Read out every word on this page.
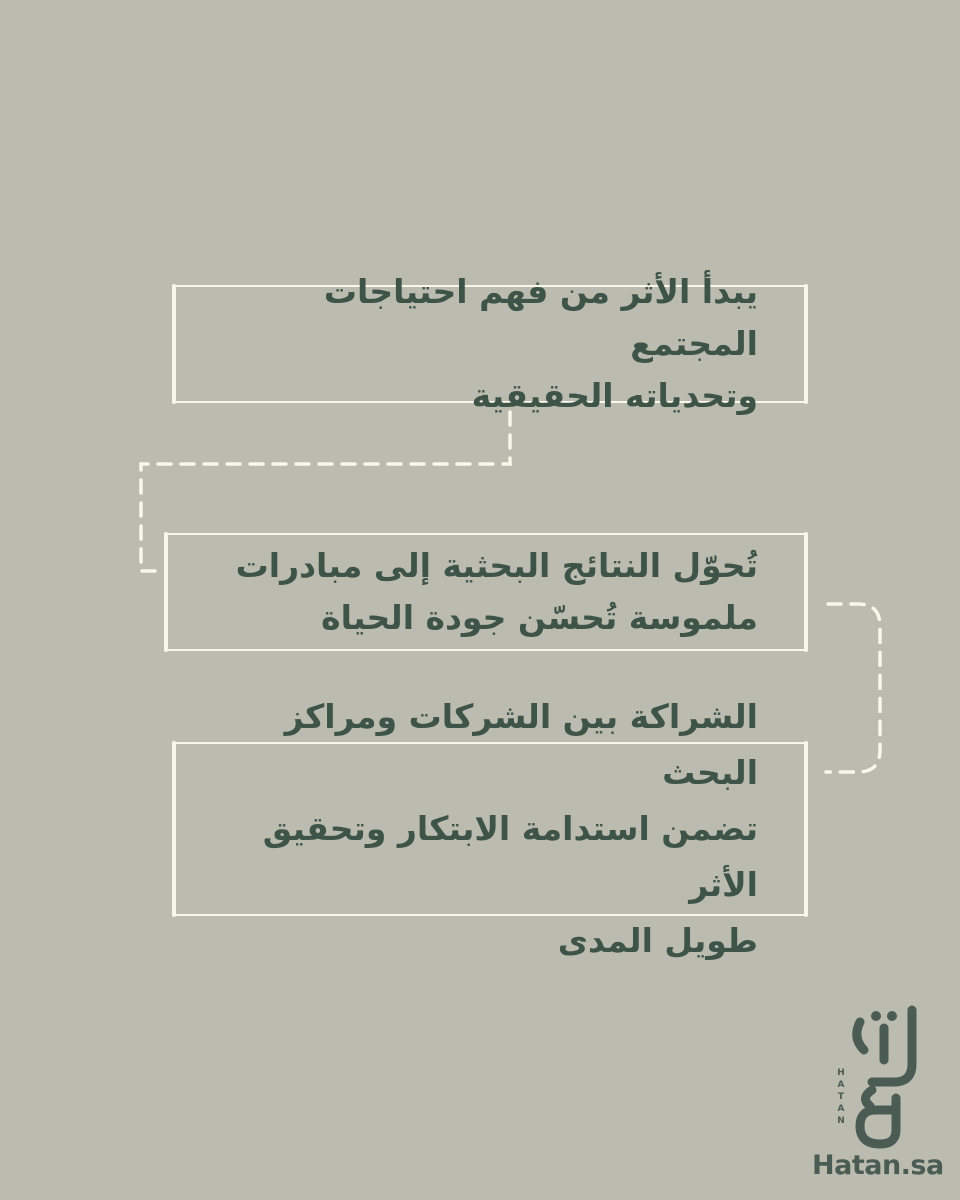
يبدأ الأثر من فهم احتياجات المجتمع
وتحدياته الحقيقية
تُحوّل النتائج البحثية إلى مبادرات
ملموسة تُحسّن جودة الحياة
الشراكة بين الشركات ومراكز البحث
تضمن استدامة الابتكار وتحقيق الأثر
طويل المدى
HATAN
Hatan.sa
